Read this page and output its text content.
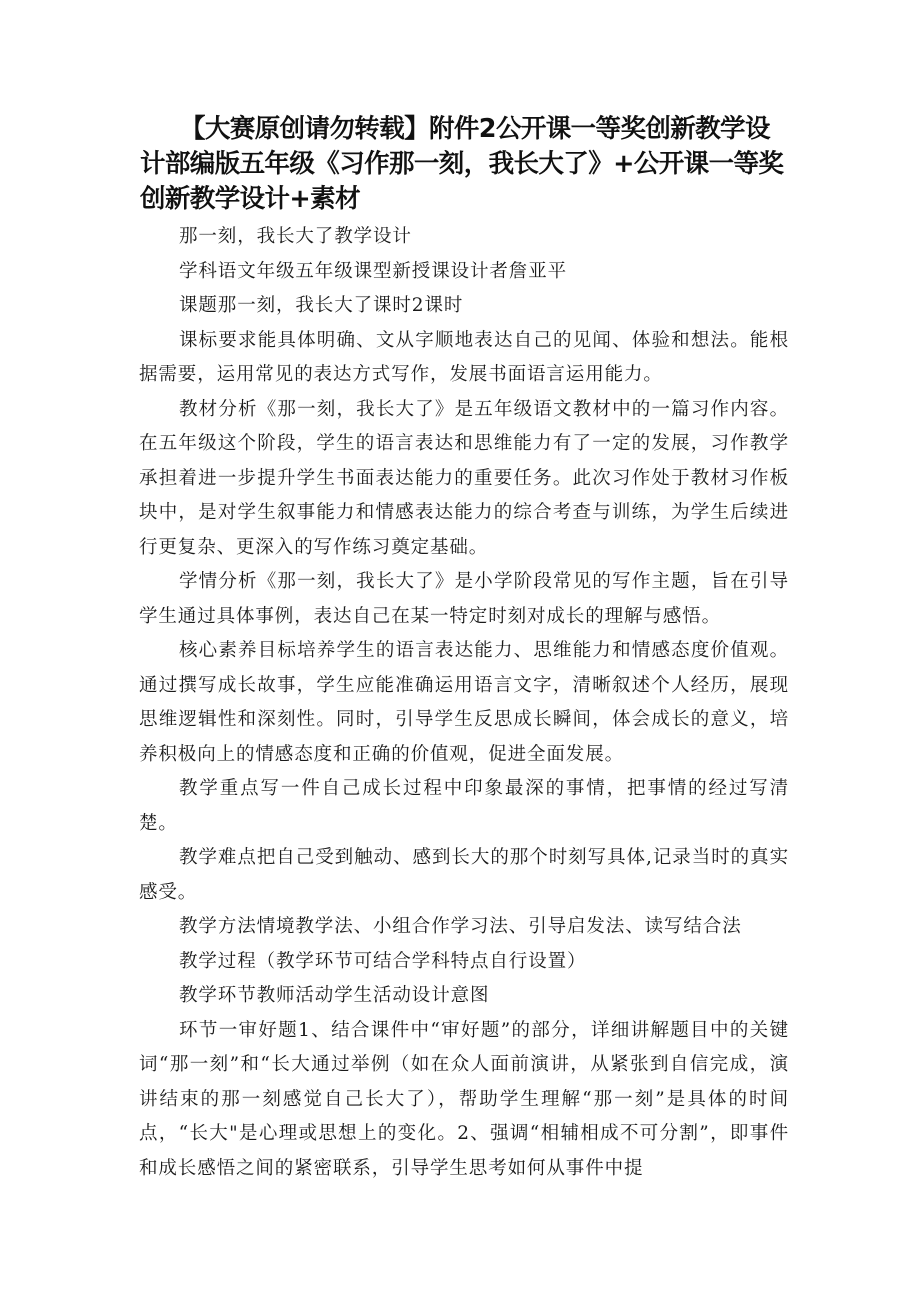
【大赛原创请勿转载】附件2公开课一等奖创新教学设计部编版五年级《习作那一刻，我长大了》+公开课一等奖创新教学设计+素材

那一刻，我长大了教学设计

学科语文年级五年级课型新授课设计者詹亚平

课题那一刻，我长大了课时2课时

课标要求能具体明确、文从字顺地表达自己的见闻、体验和想法。能根据需要，运用常见的表达方式写作，发展书面语言运用能力。

教材分析《那一刻，我长大了》是五年级语文教材中的一篇习作内容。在五年级这个阶段，学生的语言表达和思维能力有了一定的发展，习作教学承担着进一步提升学生书面表达能力的重要任务。此次习作处于教材习作板块中，是对学生叙事能力和情感表达能力的综合考查与训练，为学生后续进行更复杂、更深入的写作练习奠定基础。

学情分析《那一刻，我长大了》是小学阶段常见的写作主题，旨在引导学生通过具体事例，表达自己在某一特定时刻对成长的理解与感悟。

核心素养目标培养学生的语言表达能力、思维能力和情感态度价值观。通过撰写成长故事，学生应能准确运用语言文字，清晰叙述个人经历，展现思维逻辑性和深刻性。同时，引导学生反思成长瞬间，体会成长的意义，培养积极向上的情感态度和正确的价值观，促进全面发展。

教学重点写一件自己成长过程中印象最深的事情，把事情的经过写清楚。

教学难点把自己受到触动、感到长大的那个时刻写具体,记录当时的真实感受。

教学方法情境教学法、小组合作学习法、引导启发法、读写结合法

教学过程（教学环节可结合学科特点自行设置）

教学环节教师活动学生活动设计意图

环节一审好题1、结合课件中“审好题”的部分，详细讲解题目中的关键词“那一刻”和“长大通过举例（如在众人面前演讲，从紧张到自信完成，演讲结束的那一刻感觉自己长大了），帮助学生理解“那一刻”是具体的时间点，“长大"是心理或思想上的变化。2、强调“相辅相成不可分割”，即事件和成长感悟之间的紧密联系，引导学生思考如何从事件中提
